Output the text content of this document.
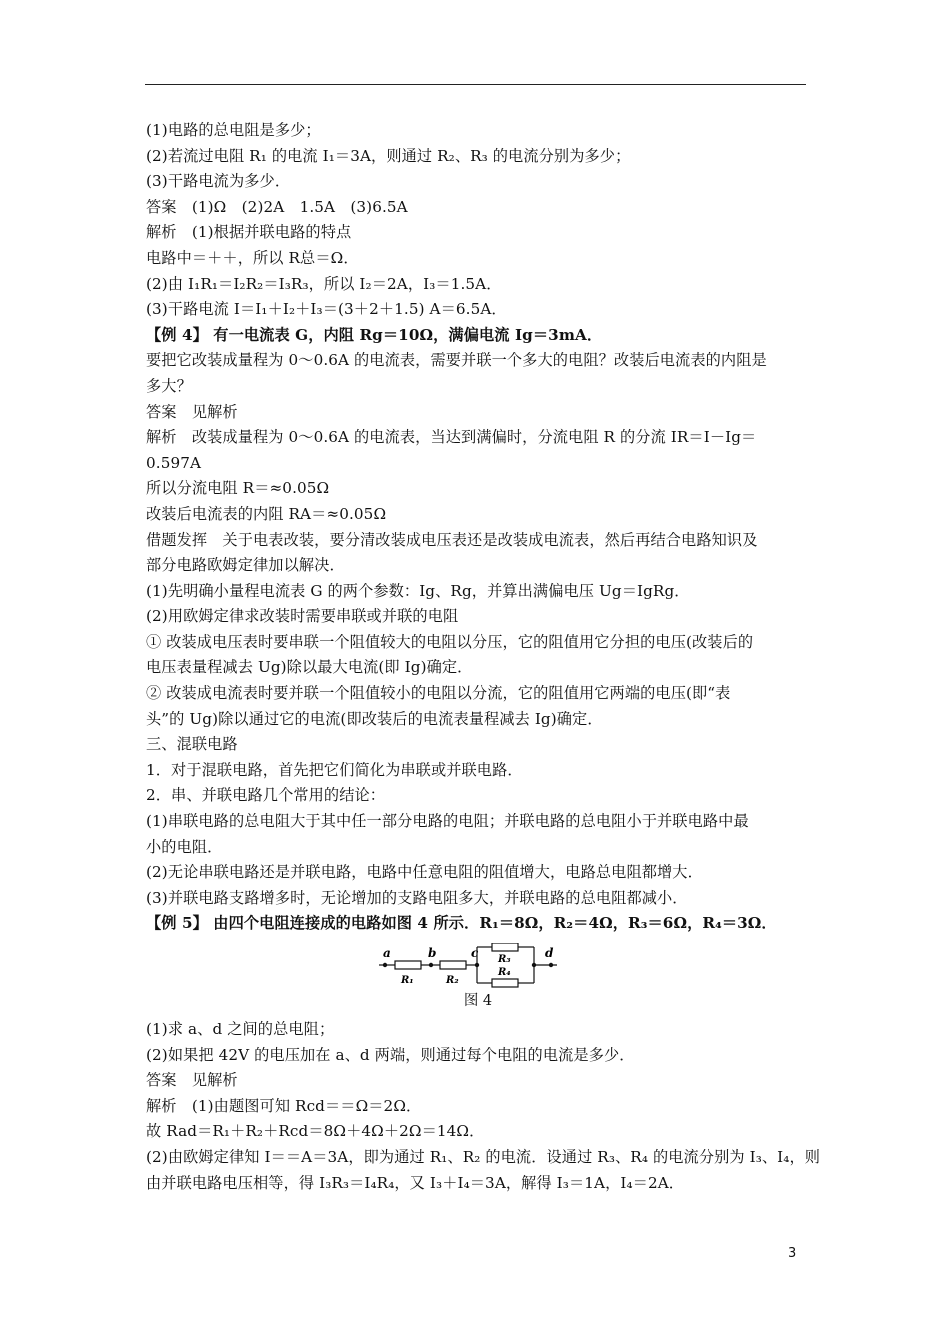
(1)电路的总电阻是多少；
(2)若流过电阻 R₁ 的电流 I₁＝3A，则通过 R₂、R₃ 的电流分别为多少；
(3)干路电流为多少．
答案　(1)Ω　(2)2A　1.5A　(3)6.5A
解析　(1)根据并联电路的特点
电路中＝＋＋，所以 R总＝Ω．
(2)由 I₁R₁＝I₂R₂＝I₃R₃，所以 I₂＝2A，I₃＝1.5A．
(3)干路电流 I＝I₁＋I₂＋I₃＝(3＋2＋1.5) A＝6.5A．
【例 4】 有一电流表 G，内阻 Rg＝10Ω，满偏电流 Ig＝3mA．
要把它改装成量程为 0～0.6A 的电流表，需要并联一个多大的电阻？改装后电流表的内阻是
多大？
答案　见解析
解析　改装成量程为 0～0.6A 的电流表，当达到满偏时，分流电阻 R 的分流 IR＝I－Ig＝
0.597A
所以分流电阻 R＝≈0.05Ω
改装后电流表的内阻 RA＝≈0.05Ω
借题发挥　关于电表改装，要分清改装成电压表还是改装成电流表，然后再结合电路知识及
部分电路欧姆定律加以解决．
(1)先明确小量程电流表 G 的两个参数：Ig、Rg，并算出满偏电压 Ug＝IgRg．
(2)用欧姆定律求改装时需要串联或并联的电阻
① 改装成电压表时要串联一个阻值较大的电阻以分压，它的阻值用它分担的电压(改装后的
电压表量程减去 Ug)除以最大电流(即 Ig)确定．
② 改装成电流表时要并联一个阻值较小的电阻以分流，它的阻值用它两端的电压(即“表
头”的 Ug)除以通过它的电流(即改装后的电流表量程减去 Ig)确定．
三、混联电路
1．对于混联电路，首先把它们简化为串联或并联电路．
2．串、并联电路几个常用的结论：
(1)串联电路的总电阻大于其中任一部分电路的电阻；并联电路的总电阻小于并联电路中最
小的电阻．
(2)无论串联电路还是并联电路，电路中任意电阻的阻值增大，电路总电阻都增大．
(3)并联电路支路增多时，无论增加的支路电阻多大，并联电路的总电阻都减小．
【例 5】 由四个电阻连接成的电路如图 4 所示．R₁＝8Ω，R₂＝4Ω，R₃＝6Ω，R₄＝3Ω．
a
R₁
b
R₂
c R₃
R₄
d
图 4
(1)求 a、d 之间的总电阻；
(2)如果把 42V 的电压加在 a、d 两端，则通过每个电阻的电流是多少．
答案　见解析
解析　(1)由题图可知 Rcd＝＝Ω＝2Ω．
故 Rad＝R₁＋R₂＋Rcd＝8Ω＋4Ω＋2Ω＝14Ω．
(2)由欧姆定律知 I＝＝A＝3A，即为通过 R₁、R₂ 的电流．设通过 R₃、R₄ 的电流分别为 I₃、I₄，则
由并联电路电压相等，得 I₃R₃＝I₄R₄，又 I₃＋I₄＝3A，解得 I₃＝1A，I₄＝2A．
3
